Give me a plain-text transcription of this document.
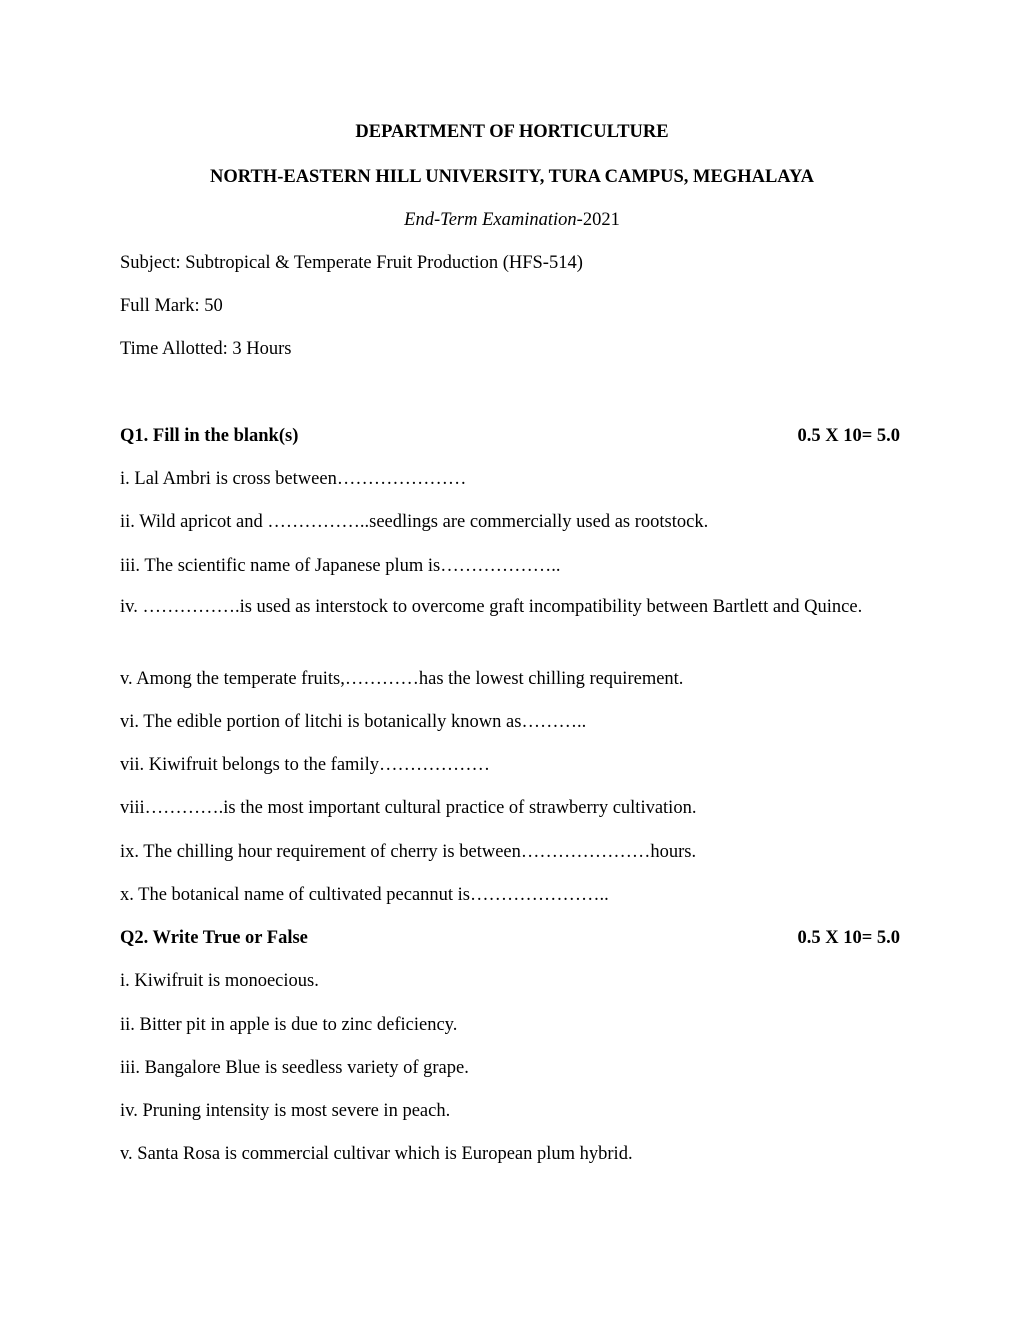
DEPARTMENT OF HORTICULTURE
NORTH-EASTERN HILL UNIVERSITY, TURA CAMPUS, MEGHALAYA
End-Term Examination-2021
Subject: Subtropical & Temperate Fruit Production (HFS-514)
Full Mark: 50
Time Allotted: 3 Hours
Q1. Fill in the blank(s)	0.5 X 10= 5.0
i. Lal Ambri is cross between…………………
ii. Wild apricot and ……………..seedlings are commercially used as rootstock.
iii. The scientific name of Japanese plum is………………..
iv. …………….is used as interstock to overcome graft incompatibility between Bartlett and Quince.
v. Among the temperate fruits,…………has the lowest chilling requirement.
vi. The edible portion of litchi is botanically known as………..
vii. Kiwifruit belongs to the family………………
viii………….is the most important cultural practice of strawberry cultivation.
ix. The chilling hour requirement of cherry is between…………………hours.
x. The botanical name of cultivated pecannut is…………………..
Q2. Write True or False	0.5 X 10= 5.0
i. Kiwifruit is monoecious.
ii. Bitter pit in apple is due to zinc deficiency.
iii. Bangalore Blue is seedless variety of grape.
iv. Pruning intensity is most severe in peach.
v. Santa Rosa is commercial cultivar which is European plum hybrid.
